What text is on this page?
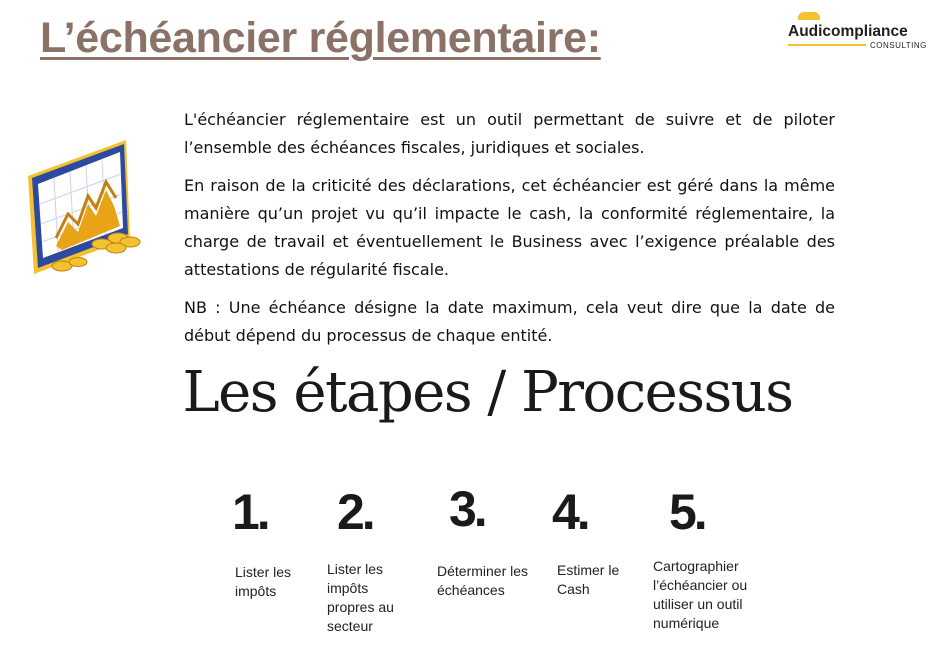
L’échéancier réglementaire:	Audicompliance
CONSULTING

L'échéancier réglementaire est un outil permettant de suivre et de piloter l’ensemble des échéances fiscales, juridiques et sociales.

En raison de la criticité des déclarations, cet échéancier est géré dans la même manière qu’un projet vu qu’il impacte le cash, la conformité réglementaire, la charge de travail et éventuellement le Business avec l’exigence préalable des attestations de régularité fiscale.

NB : Une échéance désigne la date maximum, cela veut dire que la date de début dépend du processus de chaque entité.

Les étapes / Processus
1. 2. 3. 4. 5.
Lister les impôts
Lister les impôts propres au secteur
Déterminer les échéances
Estimer le Cash
Cartographier l’échéancier ou utiliser un outil numérique
